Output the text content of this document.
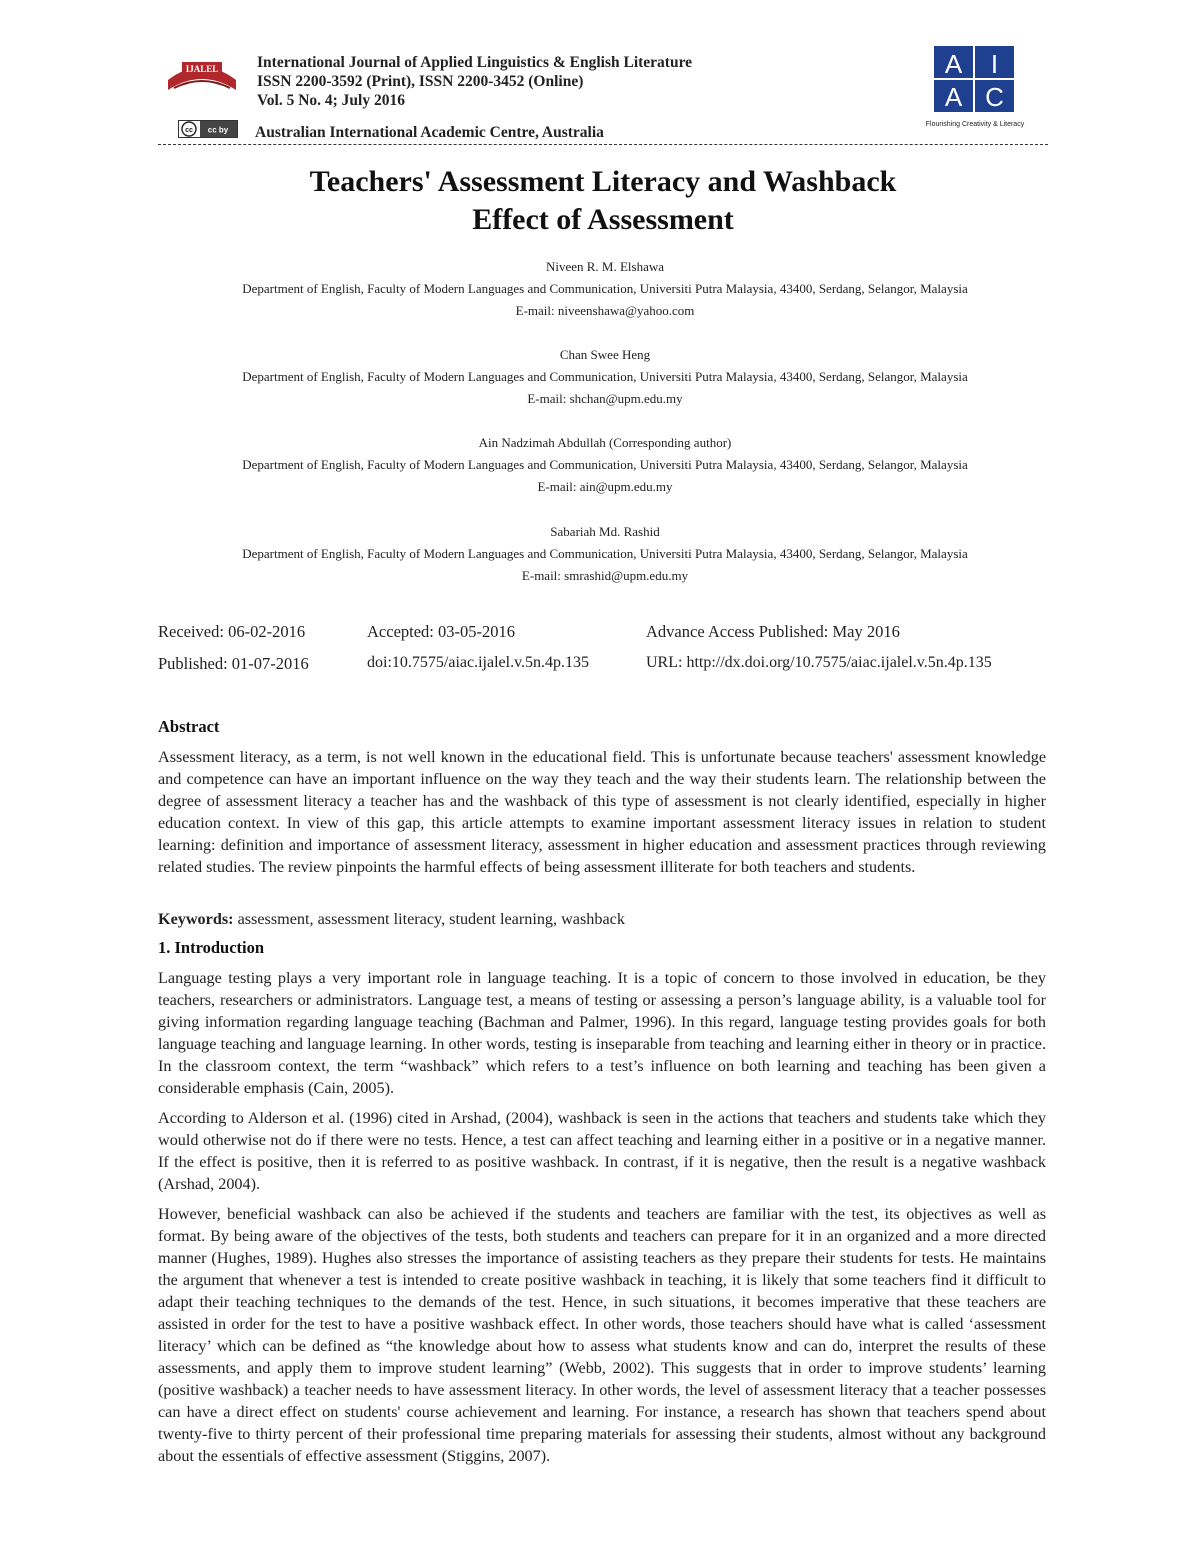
IJALEL International Journal of Applied Linguistics & English Literature
ISSN 2200-3592 (Print), ISSN 2200-3452 (Online)
Vol. 5 No. 4; July 2016
cc cc by Australian International Academic Centre, Australia
A I
A C
Flourishing Creativity & Literacy
Teachers' Assessment Literacy and Washback
Effect of Assessment
Niveen R. M. Elshawa
Department of English, Faculty of Modern Languages and Communication, Universiti Putra Malaysia, 43400, Serdang, Selangor, Malaysia
E-mail: niveenshawa@yahoo.com
Chan Swee Heng
Department of English, Faculty of Modern Languages and Communication, Universiti Putra Malaysia, 43400, Serdang, Selangor, Malaysia
E-mail: shchan@upm.edu.my
Ain Nadzimah Abdullah (Corresponding author)
Department of English, Faculty of Modern Languages and Communication, Universiti Putra Malaysia, 43400, Serdang, Selangor, Malaysia
E-mail: ain@upm.edu.my
Sabariah Md. Rashid
Department of English, Faculty of Modern Languages and Communication, Universiti Putra Malaysia, 43400, Serdang, Selangor, Malaysia
E-mail: smrashid@upm.edu.my
Received: 06-02-2016	Accepted: 03-05-2016	Advance Access Published: May 2016
Published: 01-07-2016	doi:10.7575/aiac.ijalel.v.5n.4p.135	URL: http://dx.doi.org/10.7575/aiac.ijalel.v.5n.4p.135
Abstract
Assessment literacy, as a term, is not well known in the educational field. This is unfortunate because teachers' assessment knowledge and competence can have an important influence on the way they teach and the way their students learn. The relationship between the degree of assessment literacy a teacher has and the washback of this type of assessment is not clearly identified, especially in higher education context. In view of this gap, this article attempts to examine important assessment literacy issues in relation to student learning: definition and importance of assessment literacy, assessment in higher education and assessment practices through reviewing related studies. The review pinpoints the harmful effects of being assessment illiterate for both teachers and students.
Keywords: assessment, assessment literacy, student learning, washback
1. Introduction
Language testing plays a very important role in language teaching. It is a topic of concern to those involved in education, be they teachers, researchers or administrators. Language test, a means of testing or assessing a person’s language ability, is a valuable tool for giving information regarding language teaching (Bachman and Palmer, 1996). In this regard, language testing provides goals for both language teaching and language learning. In other words, testing is inseparable from teaching and learning either in theory or in practice. In the classroom context, the term “washback” which refers to a test’s influence on both learning and teaching has been given a considerable emphasis (Cain, 2005).
According to Alderson et al. (1996) cited in Arshad, (2004), washback is seen in the actions that teachers and students take which they would otherwise not do if there were no tests. Hence, a test can affect teaching and learning either in a positive or in a negative manner. If the effect is positive, then it is referred to as positive washback. In contrast, if it is negative, then the result is a negative washback (Arshad, 2004).
However, beneficial washback can also be achieved if the students and teachers are familiar with the test, its objectives as well as format. By being aware of the objectives of the tests, both students and teachers can prepare for it in an organized and a more directed manner (Hughes, 1989). Hughes also stresses the importance of assisting teachers as they prepare their students for tests. He maintains the argument that whenever a test is intended to create positive washback in teaching, it is likely that some teachers find it difficult to adapt their teaching techniques to the demands of the test. Hence, in such situations, it becomes imperative that these teachers are assisted in order for the test to have a positive washback effect. In other words, those teachers should have what is called ‘assessment literacy’ which can be defined as “the knowledge about how to assess what students know and can do, interpret the results of these assessments, and apply them to improve student learning” (Webb, 2002). This suggests that in order to improve students’ learning (positive washback) a teacher needs to have assessment literacy. In other words, the level of assessment literacy that a teacher possesses can have a direct effect on students' course achievement and learning. For instance, a research has shown that teachers spend about twenty-five to thirty percent of their professional time preparing materials for assessing their students, almost without any background about the essentials of effective assessment (Stiggins, 2007).
